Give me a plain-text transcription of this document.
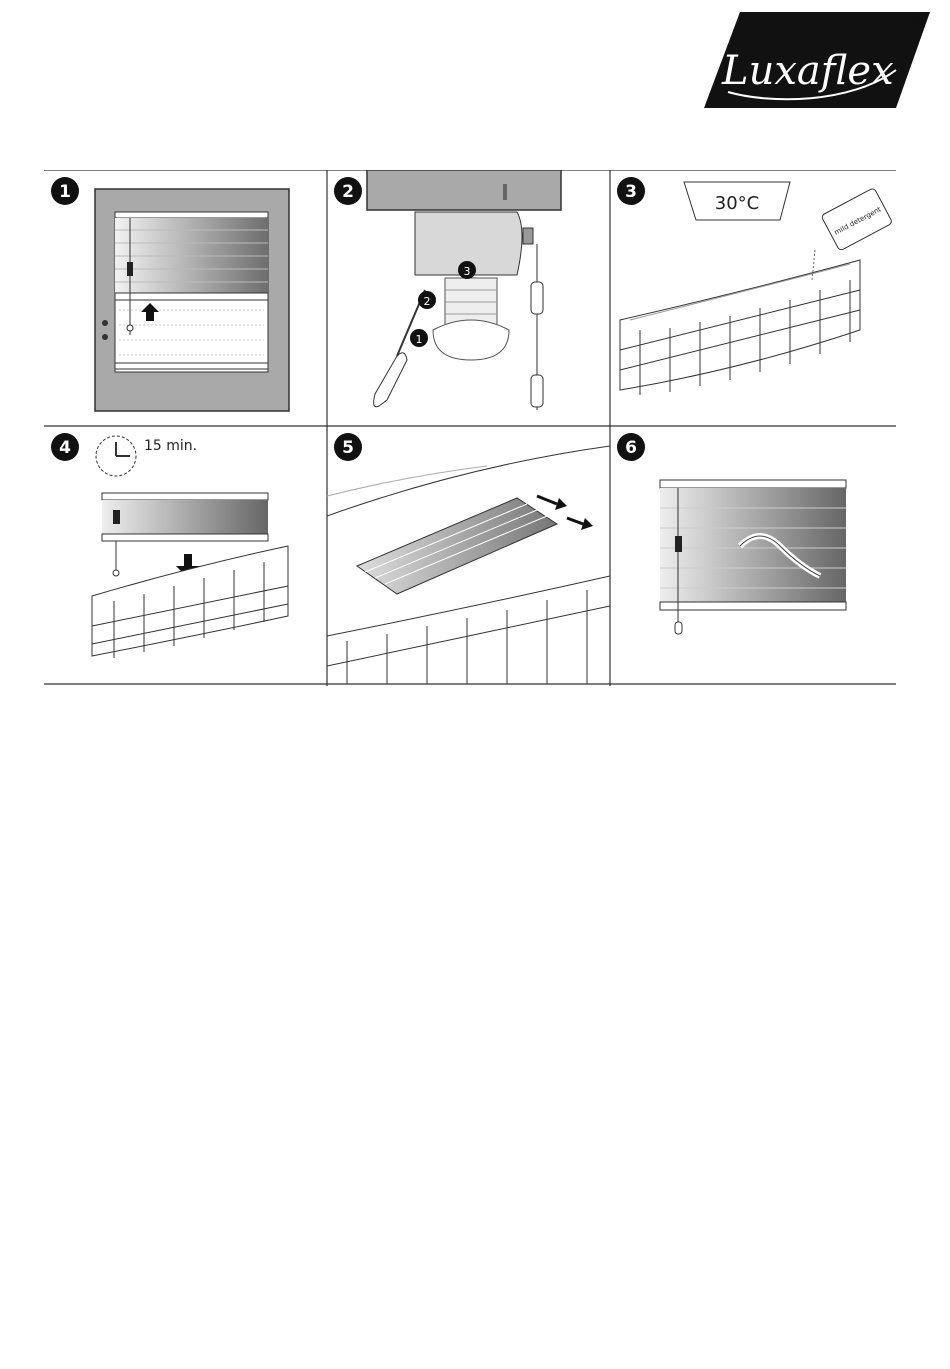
Luxaflex
®
1	2
1
2
3
3
30°C
mild detergent
4	15 min.	5	6
